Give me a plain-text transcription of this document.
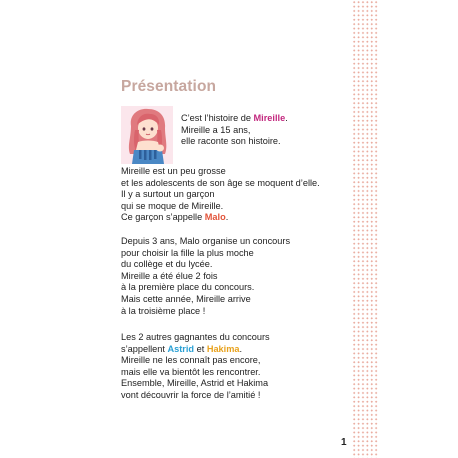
Présentation
C’est l’histoire de Mireille.
Mireille a 15 ans,
elle raconte son histoire.
Mireille est un peu grosse
et les adolescents de son âge se moquent d’elle.
Il y a surtout un garçon
qui se moque de Mireille.
Ce garçon s’appelle Malo.
Depuis 3 ans, Malo organise un concours
pour choisir la fille la plus moche
du collège et du lycée.
Mireille a été élue 2 fois
à la première place du concours.
Mais cette année, Mireille arrive
à la troisième place !
Les 2 autres gagnantes du concours
s’appellent Astrid et Hakima.
Mireille ne les connaît pas encore,
mais elle va bientôt les rencontrer.
Ensemble, Mireille, Astrid et Hakima
vont découvrir la force de l’amitié !
1
